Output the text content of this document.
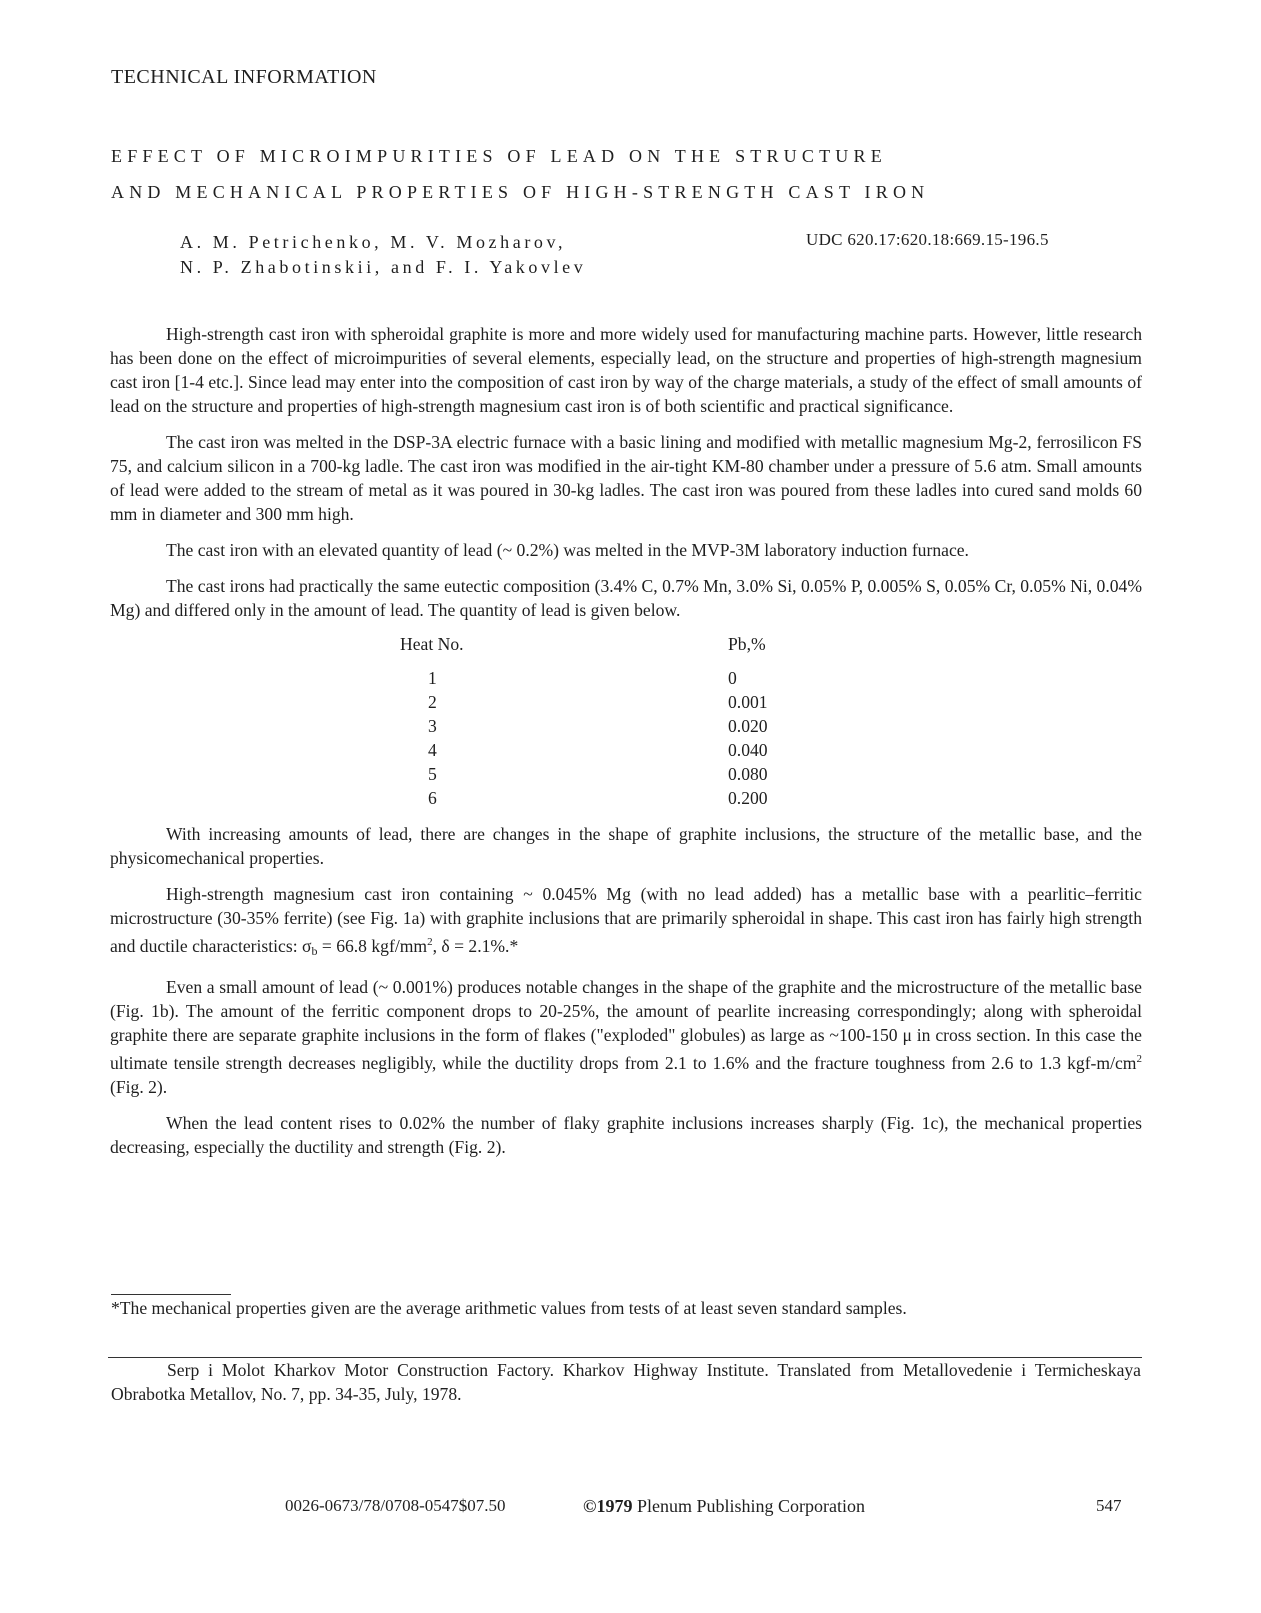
TECHNICAL INFORMATION
EFFECT OF MICROIMPURITIES OF LEAD ON THE STRUCTURE
AND MECHANICAL PROPERTIES OF HIGH-STRENGTH CAST IRON
A. M. Petrichenko, M. V. Mozharov,
N. P. Zhabotinskii, and F. I. Yakovlev
UDC 620.17:620.18:669.15-196.5

High-strength cast iron with spheroidal graphite is more and more widely used for manufacturing machine parts. However, little research has been done on the effect of microimpurities of several elements, especially lead, on the structure and properties of high-strength magnesium cast iron [1-4 etc.]. Since lead may enter into the composition of cast iron by way of the charge materials, a study of the effect of small amounts of lead on the structure and properties of high-strength magnesium cast iron is of both scientific and practical significance.

The cast iron was melted in the DSP-3A electric furnace with a basic lining and modified with metallic magnesium Mg-2, ferrosilicon FS 75, and calcium silicon in a 700-kg ladle. The cast iron was modified in the air-tight KM-80 chamber under a pressure of 5.6 atm. Small amounts of lead were added to the stream of metal as it was poured in 30-kg ladles. The cast iron was poured from these ladles into cured sand molds 60 mm in diameter and 300 mm high.

The cast iron with an elevated quantity of lead (~ 0.2%) was melted in the MVP-3M laboratory induction furnace.

The cast irons had practically the same eutectic composition (3.4% C, 0.7% Mn, 3.0% Si, 0.05% P, 0.005% S, 0.05% Cr, 0.05% Ni, 0.04% Mg) and differed only in the amount of lead. The quantity of lead is given below.

Heat No.	Pb,%
1	0
2	0.001
3	0.020
4	0.040
5	0.080
6	0.200

With increasing amounts of lead, there are changes in the shape of graphite inclusions, the structure of the metallic base, and the physicomechanical properties.

High-strength magnesium cast iron containing ~ 0.045% Mg (with no lead added) has a metallic base with a pearlitic–ferritic microstructure (30-35% ferrite) (see Fig. 1a) with graphite inclusions that are primarily spheroidal in shape. This cast iron has fairly high strength and ductile characteristics: $\sigma_b = 66.8$ kgf/$mm^2$, δ = 2.1%.*

Even a small amount of lead (~ 0.001%) produces notable changes in the shape of the graphite and the microstructure of the metallic base (Fig. 1b). The amount of the ferritic component drops to 20-25%, the amount of pearlite increasing correspondingly; along with spheroidal graphite there are separate graphite inclusions in the form of flakes ("exploded" globules) as large as ~100-150 μ in cross section. In this case the ultimate tensile strength decreases negligibly, while the ductility drops from 2.1 to 1.6% and the fracture toughness from 2.6 to 1.3 kgf-$m/cm^2$ (Fig. 2).

When the lead content rises to 0.02% the number of flaky graphite inclusions increases sharply (Fig. 1c), the mechanical properties decreasing, especially the ductility and strength (Fig. 2).

*The mechanical properties given are the average arithmetic values from tests of at least seven standard samples.

Serp i Molot Kharkov Motor Construction Factory. Kharkov Highway Institute. Translated from Metallovedenie i Termicheskaya Obrabotka Metallov, No. 7, pp. 34-35, July, 1978.

0026-0673/78/0708-0547$07.50	©1979 Plenum Publishing Corporation	547
